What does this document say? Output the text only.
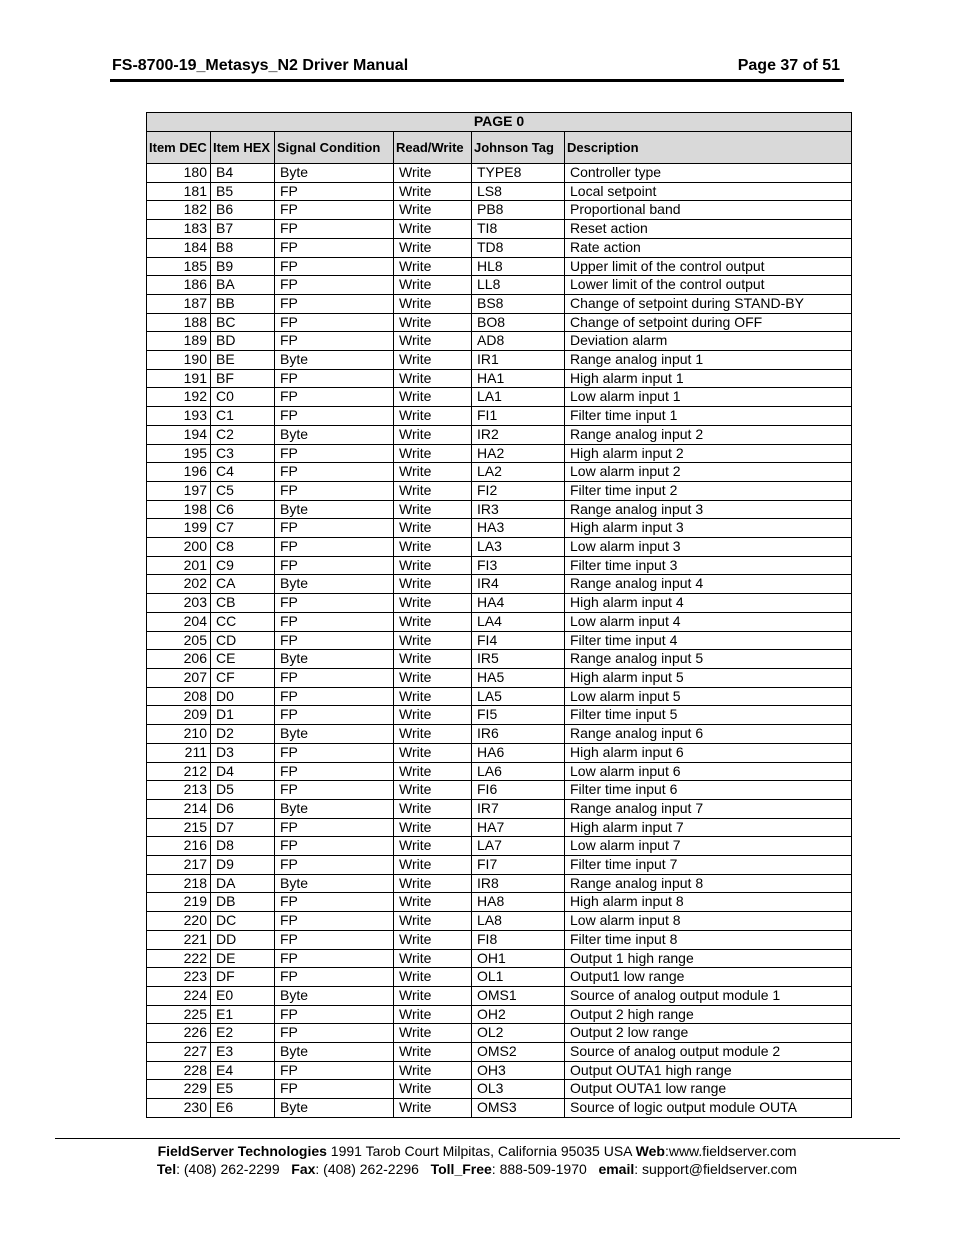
FS-8700-19_Metasys_N2 Driver Manual	Page 37 of 51
PAGE 0					
Item DEC	Item HEX	Signal Condition	Read/Write	Johnson Tag	Description
180	B4	Byte	Write	TYPE8	Controller type
181	B5	FP	Write	LS8	Local setpoint
182	B6	FP	Write	PB8	Proportional band
183	B7	FP	Write	TI8	Reset action
184	B8	FP	Write	TD8	Rate action
185	B9	FP	Write	HL8	Upper limit of the control output
186	BA	FP	Write	LL8	Lower limit of the control output
187	BB	FP	Write	BS8	Change of setpoint during STAND-BY
188	BC	FP	Write	BO8	Change of setpoint during OFF
189	BD	FP	Write	AD8	Deviation alarm
190	BE	Byte	Write	IR1	Range analog input 1
191	BF	FP	Write	HA1	High alarm input 1
192	C0	FP	Write	LA1	Low alarm input 1
193	C1	FP	Write	FI1	Filter time input 1
194	C2	Byte	Write	IR2	Range analog input 2
195	C3	FP	Write	HA2	High alarm input 2
196	C4	FP	Write	LA2	Low alarm input 2
197	C5	FP	Write	FI2	Filter time input 2
198	C6	Byte	Write	IR3	Range analog input 3
199	C7	FP	Write	HA3	High alarm input 3
200	C8	FP	Write	LA3	Low alarm input 3
201	C9	FP	Write	FI3	Filter time input 3
202	CA	Byte	Write	IR4	Range analog input 4
203	CB	FP	Write	HA4	High alarm input 4
204	CC	FP	Write	LA4	Low alarm input 4
205	CD	FP	Write	FI4	Filter time input 4
206	CE	Byte	Write	IR5	Range analog input 5
207	CF	FP	Write	HA5	High alarm input 5
208	D0	FP	Write	LA5	Low alarm input 5
209	D1	FP	Write	FI5	Filter time input 5
210	D2	Byte	Write	IR6	Range analog input 6
211	D3	FP	Write	HA6	High alarm input 6
212	D4	FP	Write	LA6	Low alarm input 6
213	D5	FP	Write	FI6	Filter time input 6
214	D6	Byte	Write	IR7	Range analog input 7
215	D7	FP	Write	HA7	High alarm input 7
216	D8	FP	Write	LA7	Low alarm input 7
217	D9	FP	Write	FI7	Filter time input 7
218	DA	Byte	Write	IR8	Range analog input 8
219	DB	FP	Write	HA8	High alarm input 8
220	DC	FP	Write	LA8	Low alarm input 8
221	DD	FP	Write	FI8	Filter time input 8
222	DE	FP	Write	OH1	Output 1 high range
223	DF	FP	Write	OL1	Output1 low range
224	E0	Byte	Write	OMS1	Source of analog output module 1
225	E1	FP	Write	OH2	Output 2 high range
226	E2	FP	Write	OL2	Output 2 low range
227	E3	Byte	Write	OMS2	Source of analog output module 2
228	E4	FP	Write	OH3	Output OUTA1 high range
229	E5	FP	Write	OL3	Output OUTA1 low range
230	E6	Byte	Write	OMS3	Source of logic output module OUTA
FieldServer Technologies 1991 Tarob Court Milpitas, California 95035 USA Web:www.fieldserver.com
Tel: (408) 262-2299   Fax: (408) 262-2296   Toll_Free: 888-509-1970   email: support@fieldserver.com
